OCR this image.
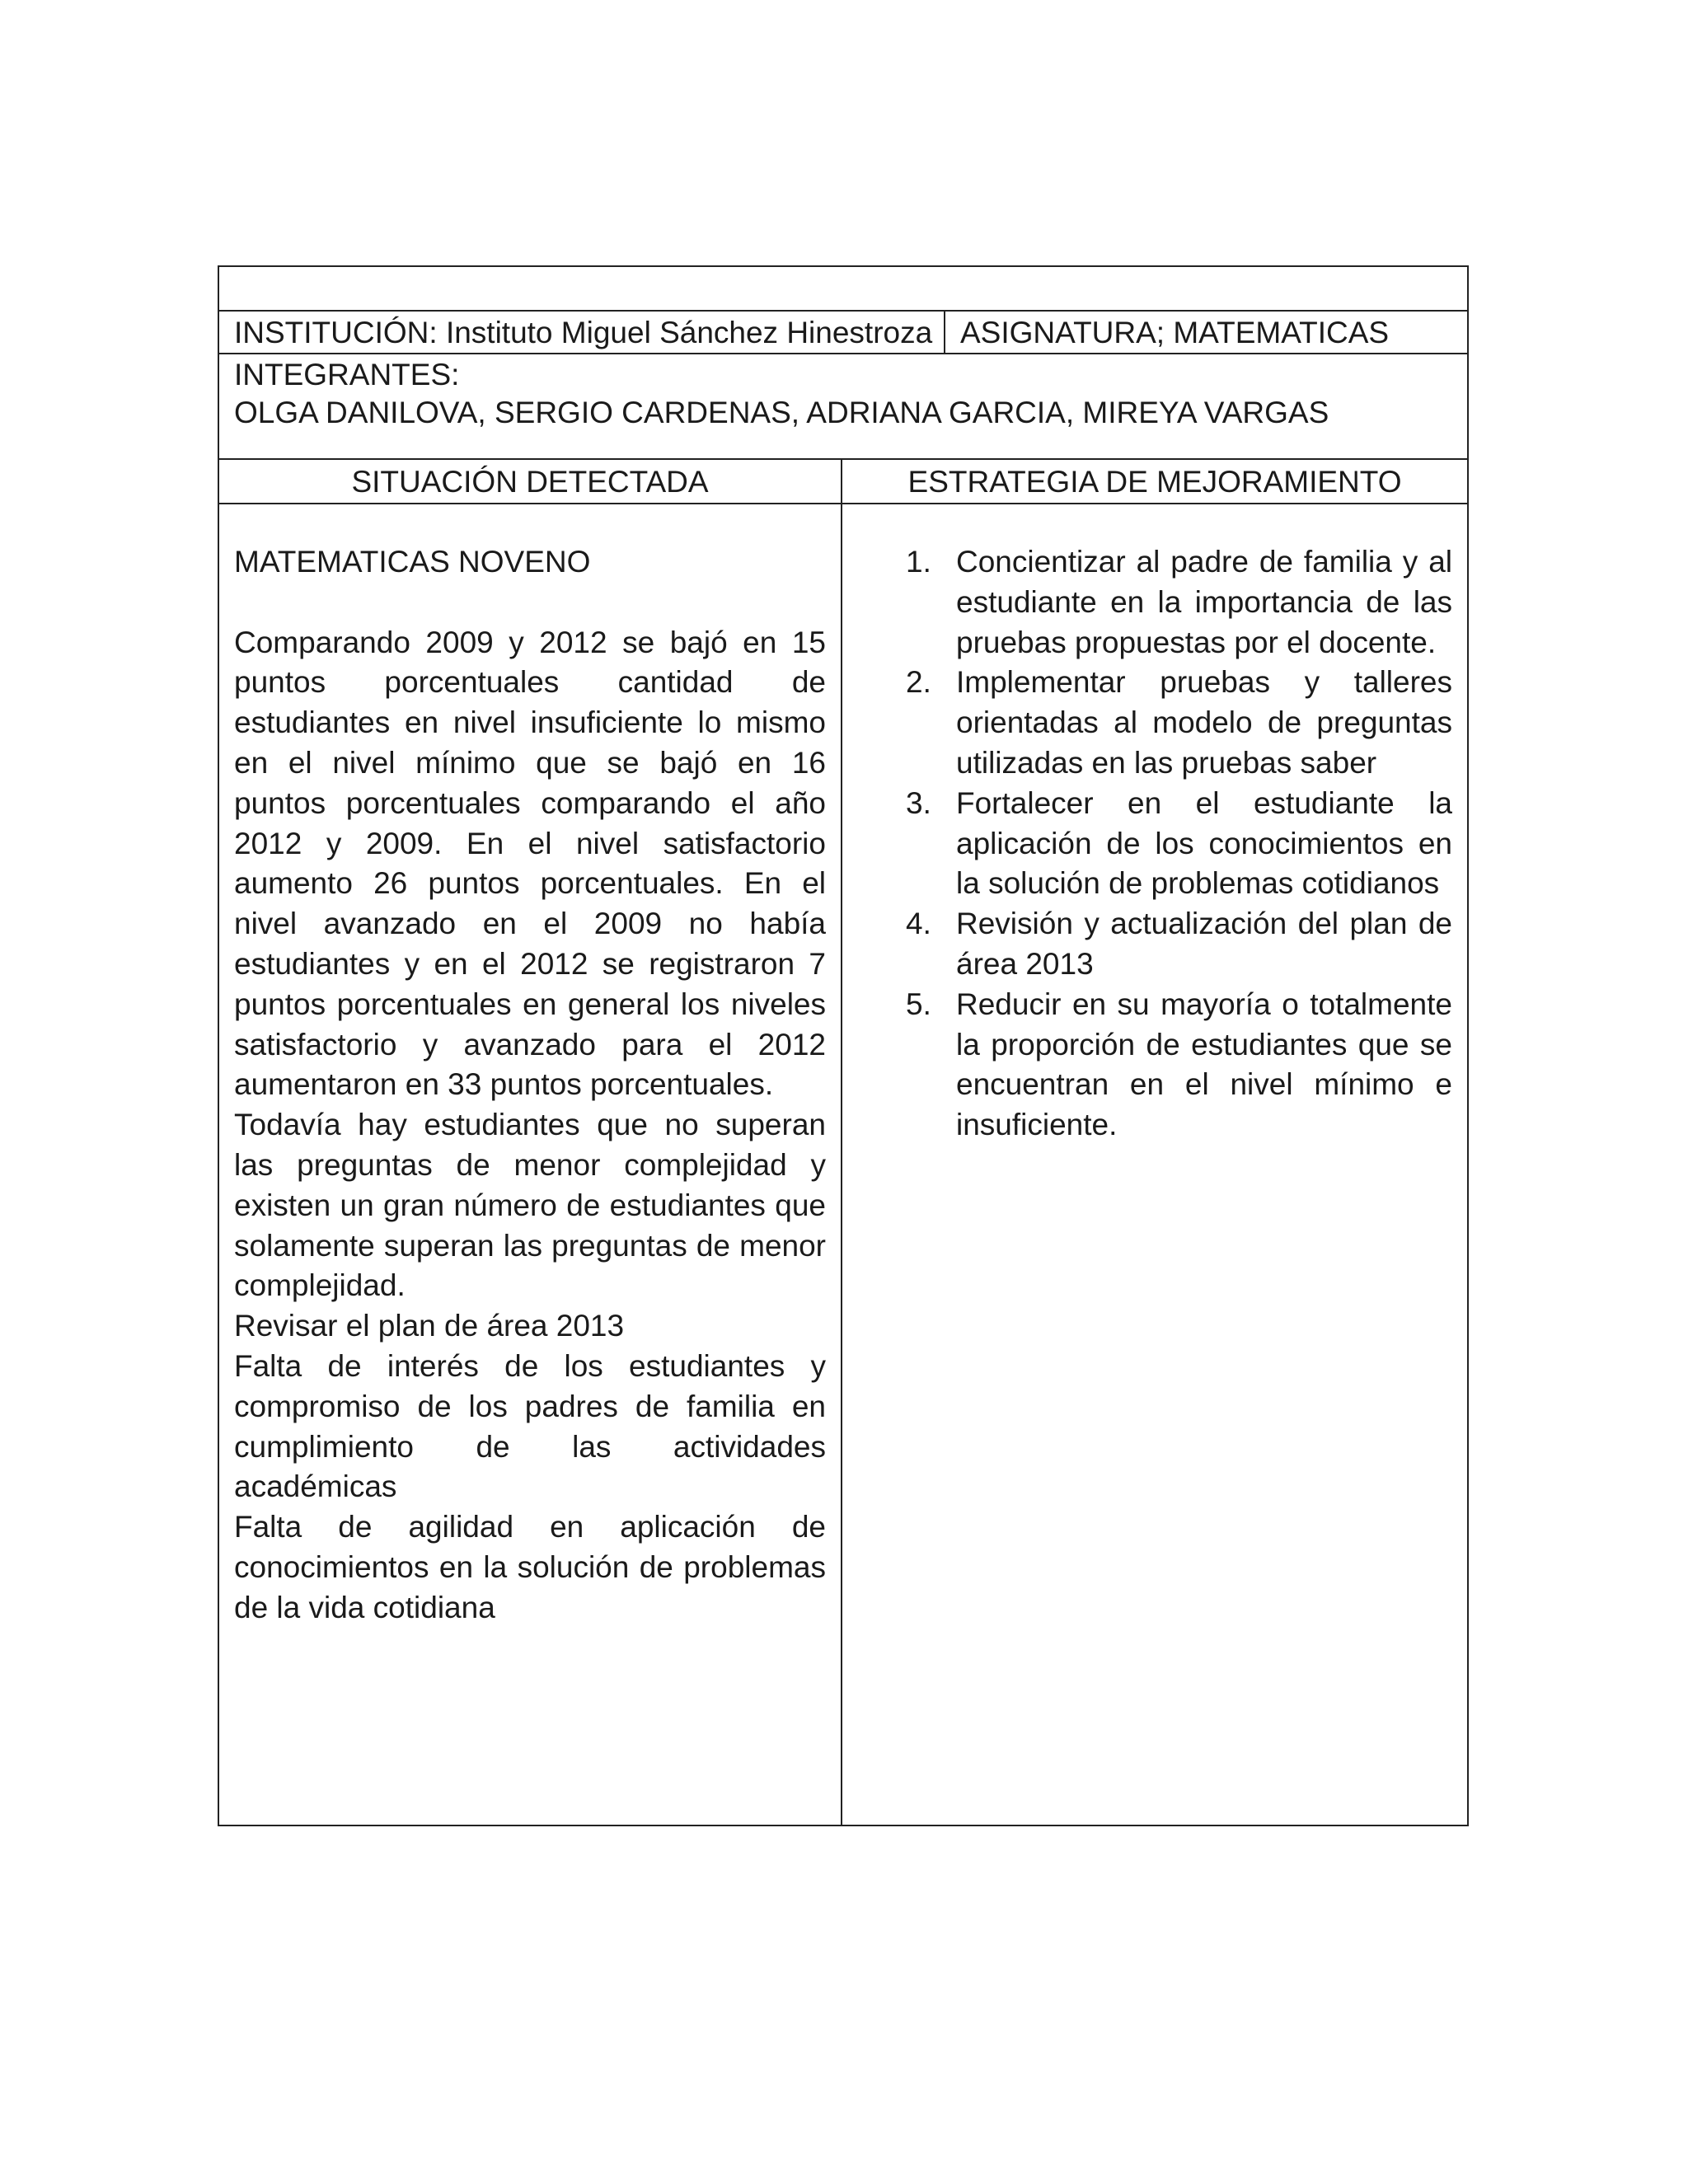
INSTITUCIÓN: Instituto Miguel Sánchez Hinestroza ASIGNATURA; MATEMATICAS
INTEGRANTES:
OLGA DANILOVA, SERGIO CARDENAS, ADRIANA GARCIA, MIREYA VARGAS
SITUACIÓN DETECTADA	ESTRATEGIA DE MEJORAMIENTO

MATEMATICAS NOVENO

Comparando 2009 y 2012 se bajó en 15 puntos porcentuales cantidad de estudiantes en nivel insuficiente lo mismo en el nivel mínimo que se bajó en 16 puntos porcentuales comparando el año 2012 y 2009. En el nivel satisfactorio aumento 26 puntos porcentuales. En el nivel avanzado en el 2009 no había estudiantes y en el 2012 se registraron 7 puntos porcentuales en general los niveles satisfactorio y avanzado para el 2012 aumentaron en 33 puntos porcentuales.

Todavía hay estudiantes que no superan las preguntas de menor complejidad y existen un gran número de estudiantes que solamente superan las preguntas de menor complejidad.

Revisar el plan de área 2013

Falta de interés de los estudiantes y compromiso de los padres de familia en cumplimiento de las actividades académicas

Falta de agilidad en aplicación de conocimientos en la solución de problemas de la vida cotidiana

1. Concientizar al padre de familia y al estudiante en la importancia de las pruebas propuestas por el docente.
2. Implementar pruebas y talleres orientadas al modelo de preguntas utilizadas en las pruebas saber
3. Fortalecer en el estudiante la aplicación de los conocimientos en la solución de problemas cotidianos
4. Revisión y actualización del plan de área 2013
5. Reducir en su mayoría o totalmente la proporción de estudiantes que se encuentran en el nivel mínimo e insuficiente.
